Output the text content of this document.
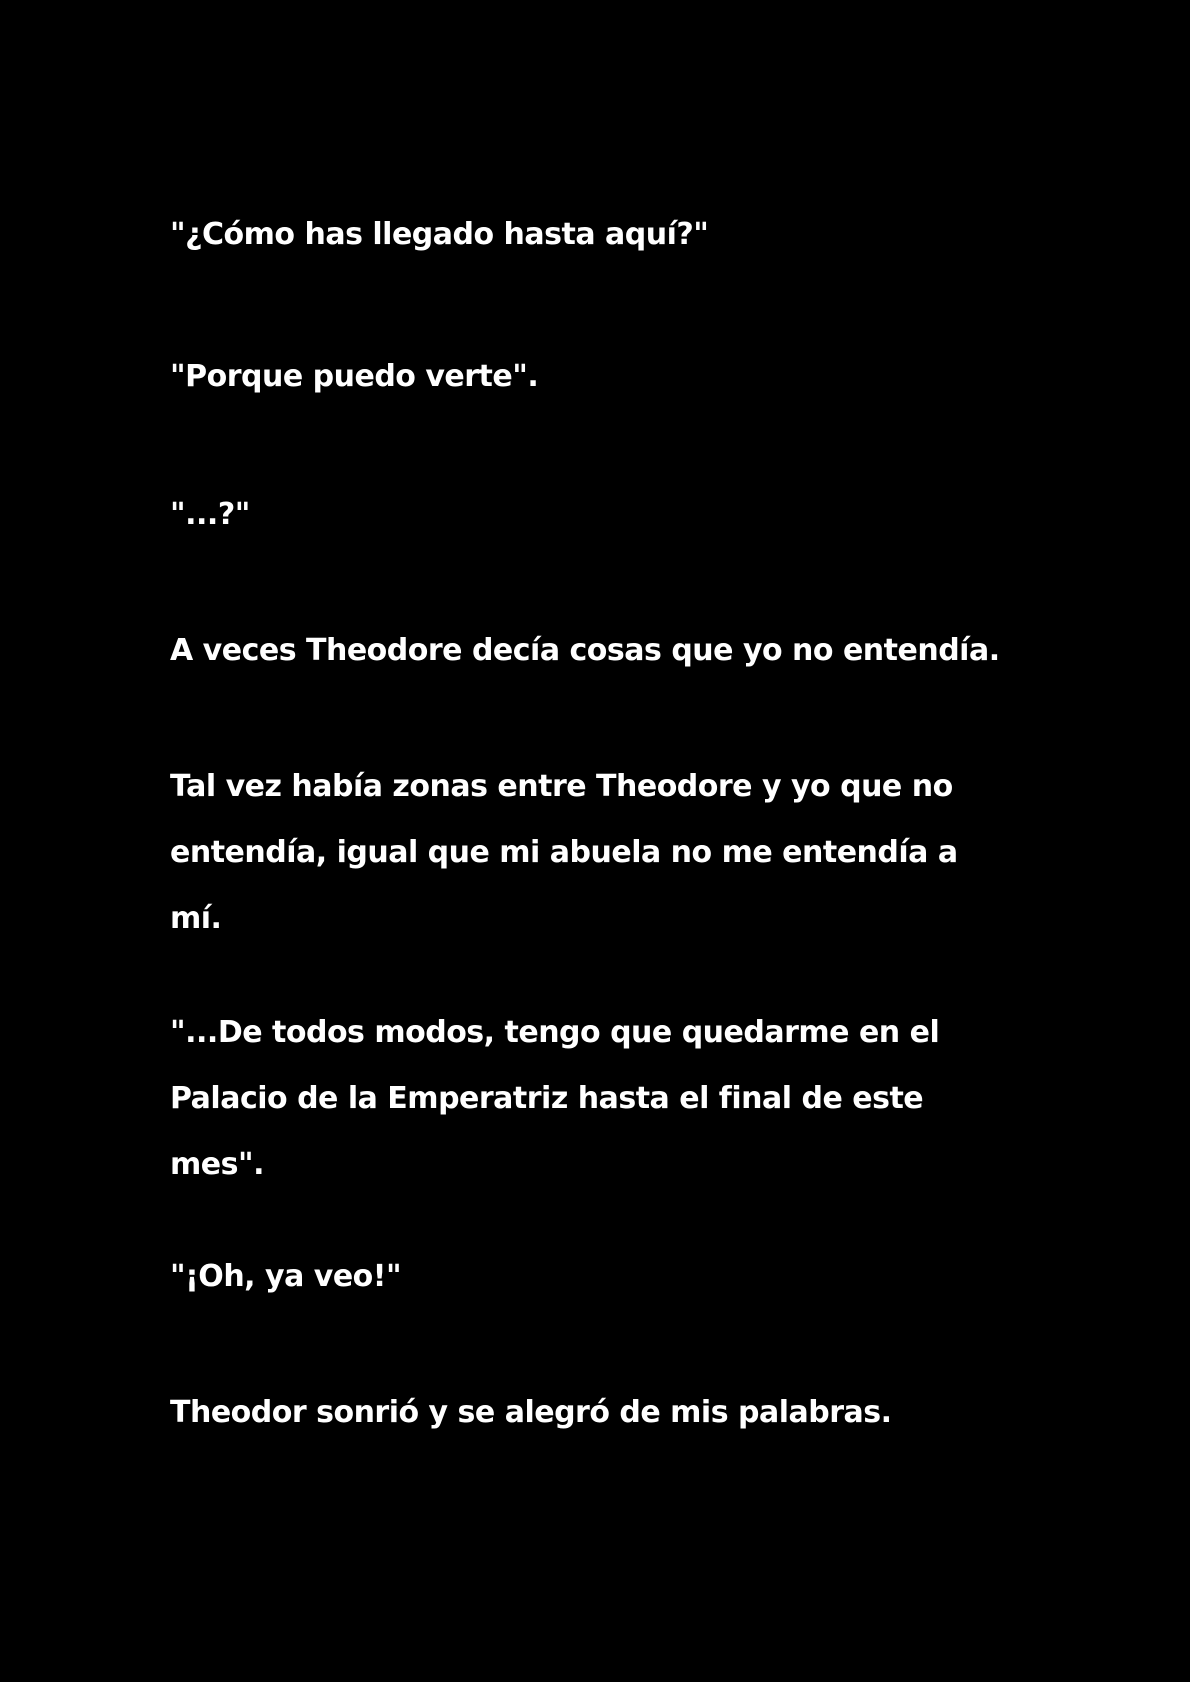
"¿Cómo has llegado hasta aquí?"

"Porque puedo verte".

"...?"

A veces Theodore decía cosas que yo no entendía.

Tal vez había zonas entre Theodore y yo que no
entendía, igual que mi abuela no me entendía a
mí.

"...De todos modos, tengo que quedarme en el
Palacio de la Emperatriz hasta el final de este
mes".

"¡Oh, ya veo!"

Theodor sonrió y se alegró de mis palabras.
